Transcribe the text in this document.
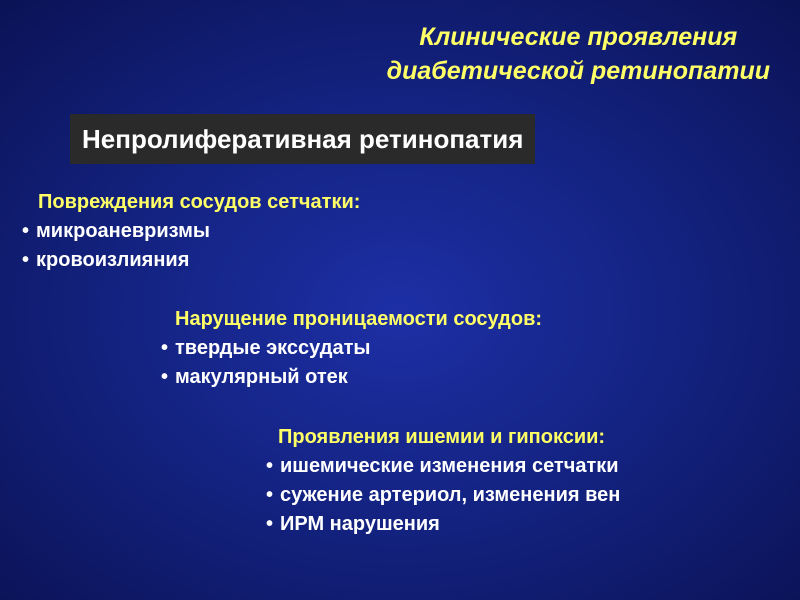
Клинические проявления
диабетической ретинопатии
Непролиферативная ретинопатия
Повреждения сосудов сетчатки:
• микроаневризмы
• кровоизлияния
Нарущение проницаемости сосудов:
• твердые экссудаты
• макулярный отек
Проявления ишемии и гипоксии:
• ишемические изменения сетчатки
• сужение артериол, изменения вен
• ИРМ нарушения
